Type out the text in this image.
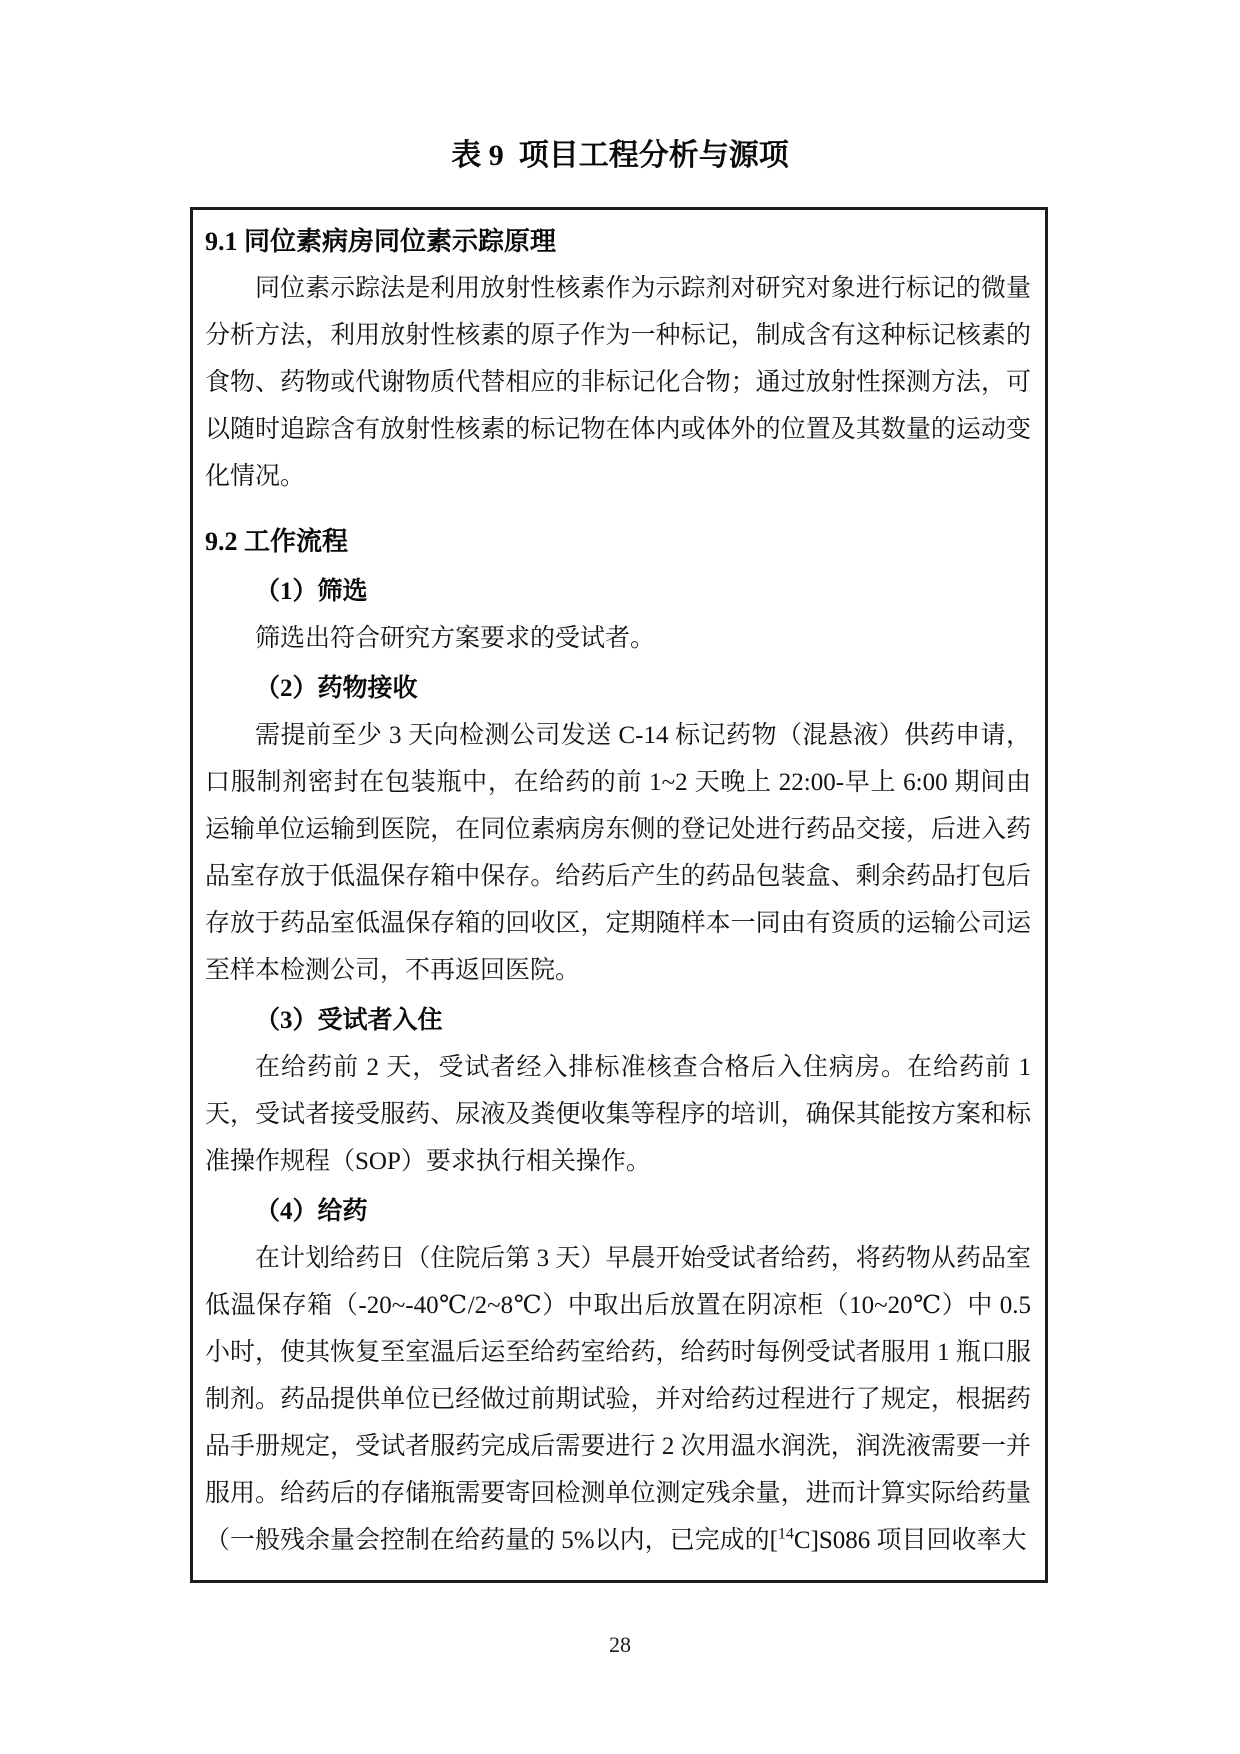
表 9  项目工程分析与源项
9.1 同位素病房同位素示踪原理

同位素示踪法是利用放射性核素作为示踪剂对研究对象进行标记的微量分析方法，利用放射性核素的原子作为一种标记，制成含有这种标记核素的食物、药物或代谢物质代替相应的非标记化合物；通过放射性探测方法，可以随时追踪含有放射性核素的标记物在体内或体外的位置及其数量的运动变化情况。

9.2 工作流程
（1）筛选

筛选出符合研究方案要求的受试者。

（2）药物接收

需提前至少 3 天向检测公司发送 C-14 标记药物（混悬液）供药申请，口服制剂密封在包装瓶中，在给药的前 1~2 天晚上 22:00-早上 6:00 期间由运输单位运输到医院，在同位素病房东侧的登记处进行药品交接，后进入药品室存放于低温保存箱中保存。给药后产生的药品包装盒、剩余药品打包后存放于药品室低温保存箱的回收区，定期随样本一同由有资质的运输公司运至样本检测公司，不再返回医院。

（3）受试者入住

在给药前 2 天，受试者经入排标准核查合格后入住病房。在给药前 1 天，受试者接受服药、尿液及粪便收集等程序的培训，确保其能按方案和标准操作规程（SOP）要求执行相关操作。

（4）给药

在计划给药日（住院后第 3 天）早晨开始受试者给药，将药物从药品室低温保存箱（-20~-40℃/2~8℃）中取出后放置在阴凉柜（10~20℃）中 0.5 小时，使其恢复至室温后运至给药室给药，给药时每例受试者服用 1 瓶口服制剂。药品提供单位已经做过前期试验，并对给药过程进行了规定，根据药品手册规定，受试者服药完成后需要进行 2 次用温水润洗，润洗液需要一并服用。给药后的存储瓶需要寄回检测单位测定残余量，进而计算实际给药量（一般残余量会控制在给药量的 5%以内，已完成的[$^{14}$C]S086 项目回收率大

28
